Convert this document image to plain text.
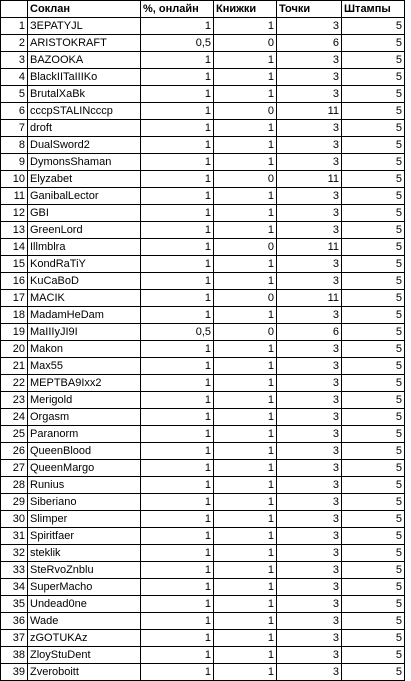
	Соклан	%, онлайн	Книжки	Точки	Штампы
1	ЗЕPATYJL	1	1	3	5
2	ARISTOKRAFT	0,5	0	6	5
3	BAZOOKA	1	1	3	5
4	BlackIITaIIIKo	1	1	3	5
5	BrutalXaBk	1	1	3	5
6	cccpSTALINcccp	1	0	11	5
7	droft	1	1	3	5
8	DualSword2	1	1	3	5
9	DymonsShaman	1	1	3	5
10	Elyzabet	1	0	11	5
11	GanibalLector	1	1	3	5
12	GBI	1	1	3	5
13	GreenLord	1	1	3	5
14	Illmblra	1	0	11	5
15	KondRaTiY	1	1	3	5
16	KuCaBoD	1	1	3	5
17	MACIK	1	0	11	5
18	MadamHeDam	1	1	3	5
19	MaIIIyJI9I	0,5	0	6	5
20	Makon	1	1	3	5
21	Max55	1	1	3	5
22	MEPTBA9Ixx2	1	1	3	5
23	Merigold	1	1	3	5
24	Orgasm	1	1	3	5
25	Paranorm	1	1	3	5
26	QueenBlood	1	1	3	5
27	QueenMargo	1	1	3	5
28	Runius	1	1	3	5
29	Siberiano	1	1	3	5
30	Slimper	1	1	3	5
31	Spiritfaer	1	1	3	5
32	steklik	1	1	3	5
33	SteRvoZnblu	1	1	3	5
34	SuperMacho	1	1	3	5
35	Undead0ne	1	1	3	5
36	Wade	1	1	3	5
37	zGOTUKAz	1	1	3	5
38	ZloyStuDent	1	1	3	5
39	Zveroboitt	1	1	3	5
